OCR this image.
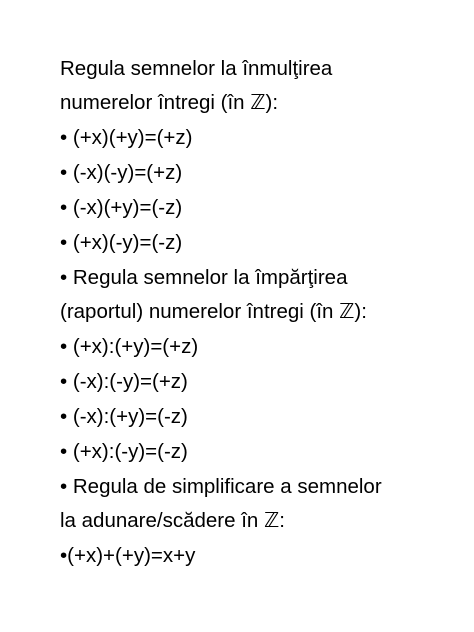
Regula semnelor la înmulţirea
numerelor întregi (în ℤ):
• (+x)(+y)=(+z)
• (-x)(-y)=(+z)
• (-x)(+y)=(-z)
• (+x)(-y)=(-z)
• Regula semnelor la împărţirea
(raportul) numerelor întregi (în ℤ):
• (+x):(+y)=(+z)
• (-x):(-y)=(+z)
• (-x):(+y)=(-z)
• (+x):(-y)=(-z)
• Regula de simplificare a semnelor
la adunare/scădere în ℤ:
•(+x)+(+y)=x+y
